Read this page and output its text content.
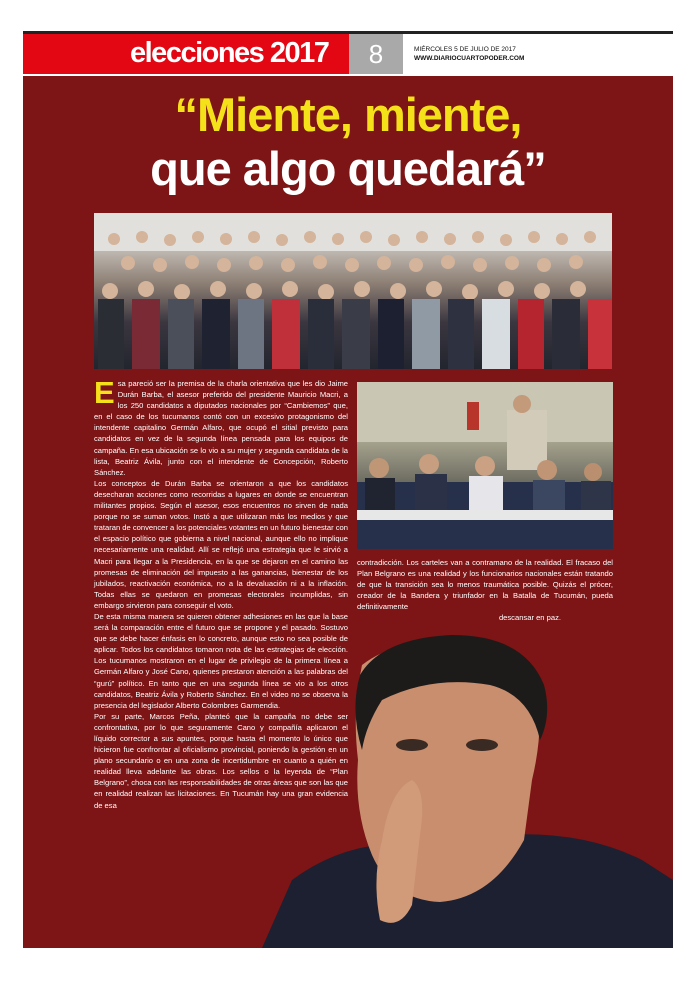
elecciones 2017 8	MIÉRCOLES 5 DE JULIO DE 2017
WWW.DIARIOCUARTOPODER.COM
“Miente, miente,
que algo quedará”
E sa pareció ser la premisa de la charla orientativa que les dio Jaime Durán Barba, el asesor preferido del presidente Mauricio Macri, a los 250 candidatos a diputados nacionales por “Cambiemos” que, en el caso de los tucumanos contó con un excesivo protagonismo del intendente capitalino Germán Alfaro, que ocupó el sitial previsto para candidatos en vez de la segunda línea pensada para los equipos de campaña. En esa ubicación se lo vio a su mujer y segunda candidata de la lista, Beatriz Ávila, junto con el intendente de Concepción, Roberto Sánchez.

Los conceptos de Durán Barba se orientaron a que los candidatos desecharan acciones como recorridas a lugares en donde se encuentran militantes propios. Según el asesor, esos encuentros no sirven de nada porque no se suman votos. Instó a que utilizaran más los medios y que trataran de convencer a los potenciales votantes en un futuro bienestar con el espacio político que gobierna a nivel nacional, aunque ello no implique necesariamente una realidad. Allí se reflejó una estrategia que le sirvió a Macri para llegar a la Presidencia, en la que se dejaron en el camino las promesas de eliminación del impuesto a las ganancias, bienestar de los jubilados, reactivación económica, no a la devaluación ni a la inflación. Todas ellas se quedaron en promesas electorales incumplidas, sin embargo sirvieron para conseguir el voto.

De esta misma manera se quieren obtener adhesiones en las que la base será la comparación entre el futuro que se propone y el pasado. Sostuvo que se debe hacer énfasis en lo concreto, aunque esto no sea posible de aplicar. Todos los candidatos tomaron nota de las estrategias de elección. Los tucumanos mostraron en el lugar de privilegio de la primera línea a Germán Alfaro y José Cano, quienes prestaron atención a las palabras del “gurú” político. En tanto que en una segunda línea se vio a los otros candidatos, Beatriz Ávila y Roberto Sánchez. En el video no se observa la presencia del legislador Alberto Colombres Garmendia.

Por su parte, Marcos Peña, planteó que la campaña no debe ser confrontativa, por lo que seguramente Cano y compañía aplicaron el líquido corrector a sus apuntes, porque hasta el momento lo único que hicieron fue confrontar al oficialismo provincial, poniendo la gestión en un plano secundario o en una zona de incertidumbre en cuanto a quién en realidad lleva adelante las obras. Los sellos o la leyenda de “Plan Belgrano”, choca con las responsabilidades de otras áreas que son las que en realidad realizan las licitaciones. En Tucumán hay una gran evidencia de esa

contradicción. Los carteles van a contramano de la realidad. El fracaso del Plan Belgrano es una realidad y los funcionarios nacionales están tratando de que la transición sea lo menos traumática posible. Quizás el prócer, creador de la Bandera y triunfador en la Batalla de Tucumán, pueda definitivamente

descansar en paz.
